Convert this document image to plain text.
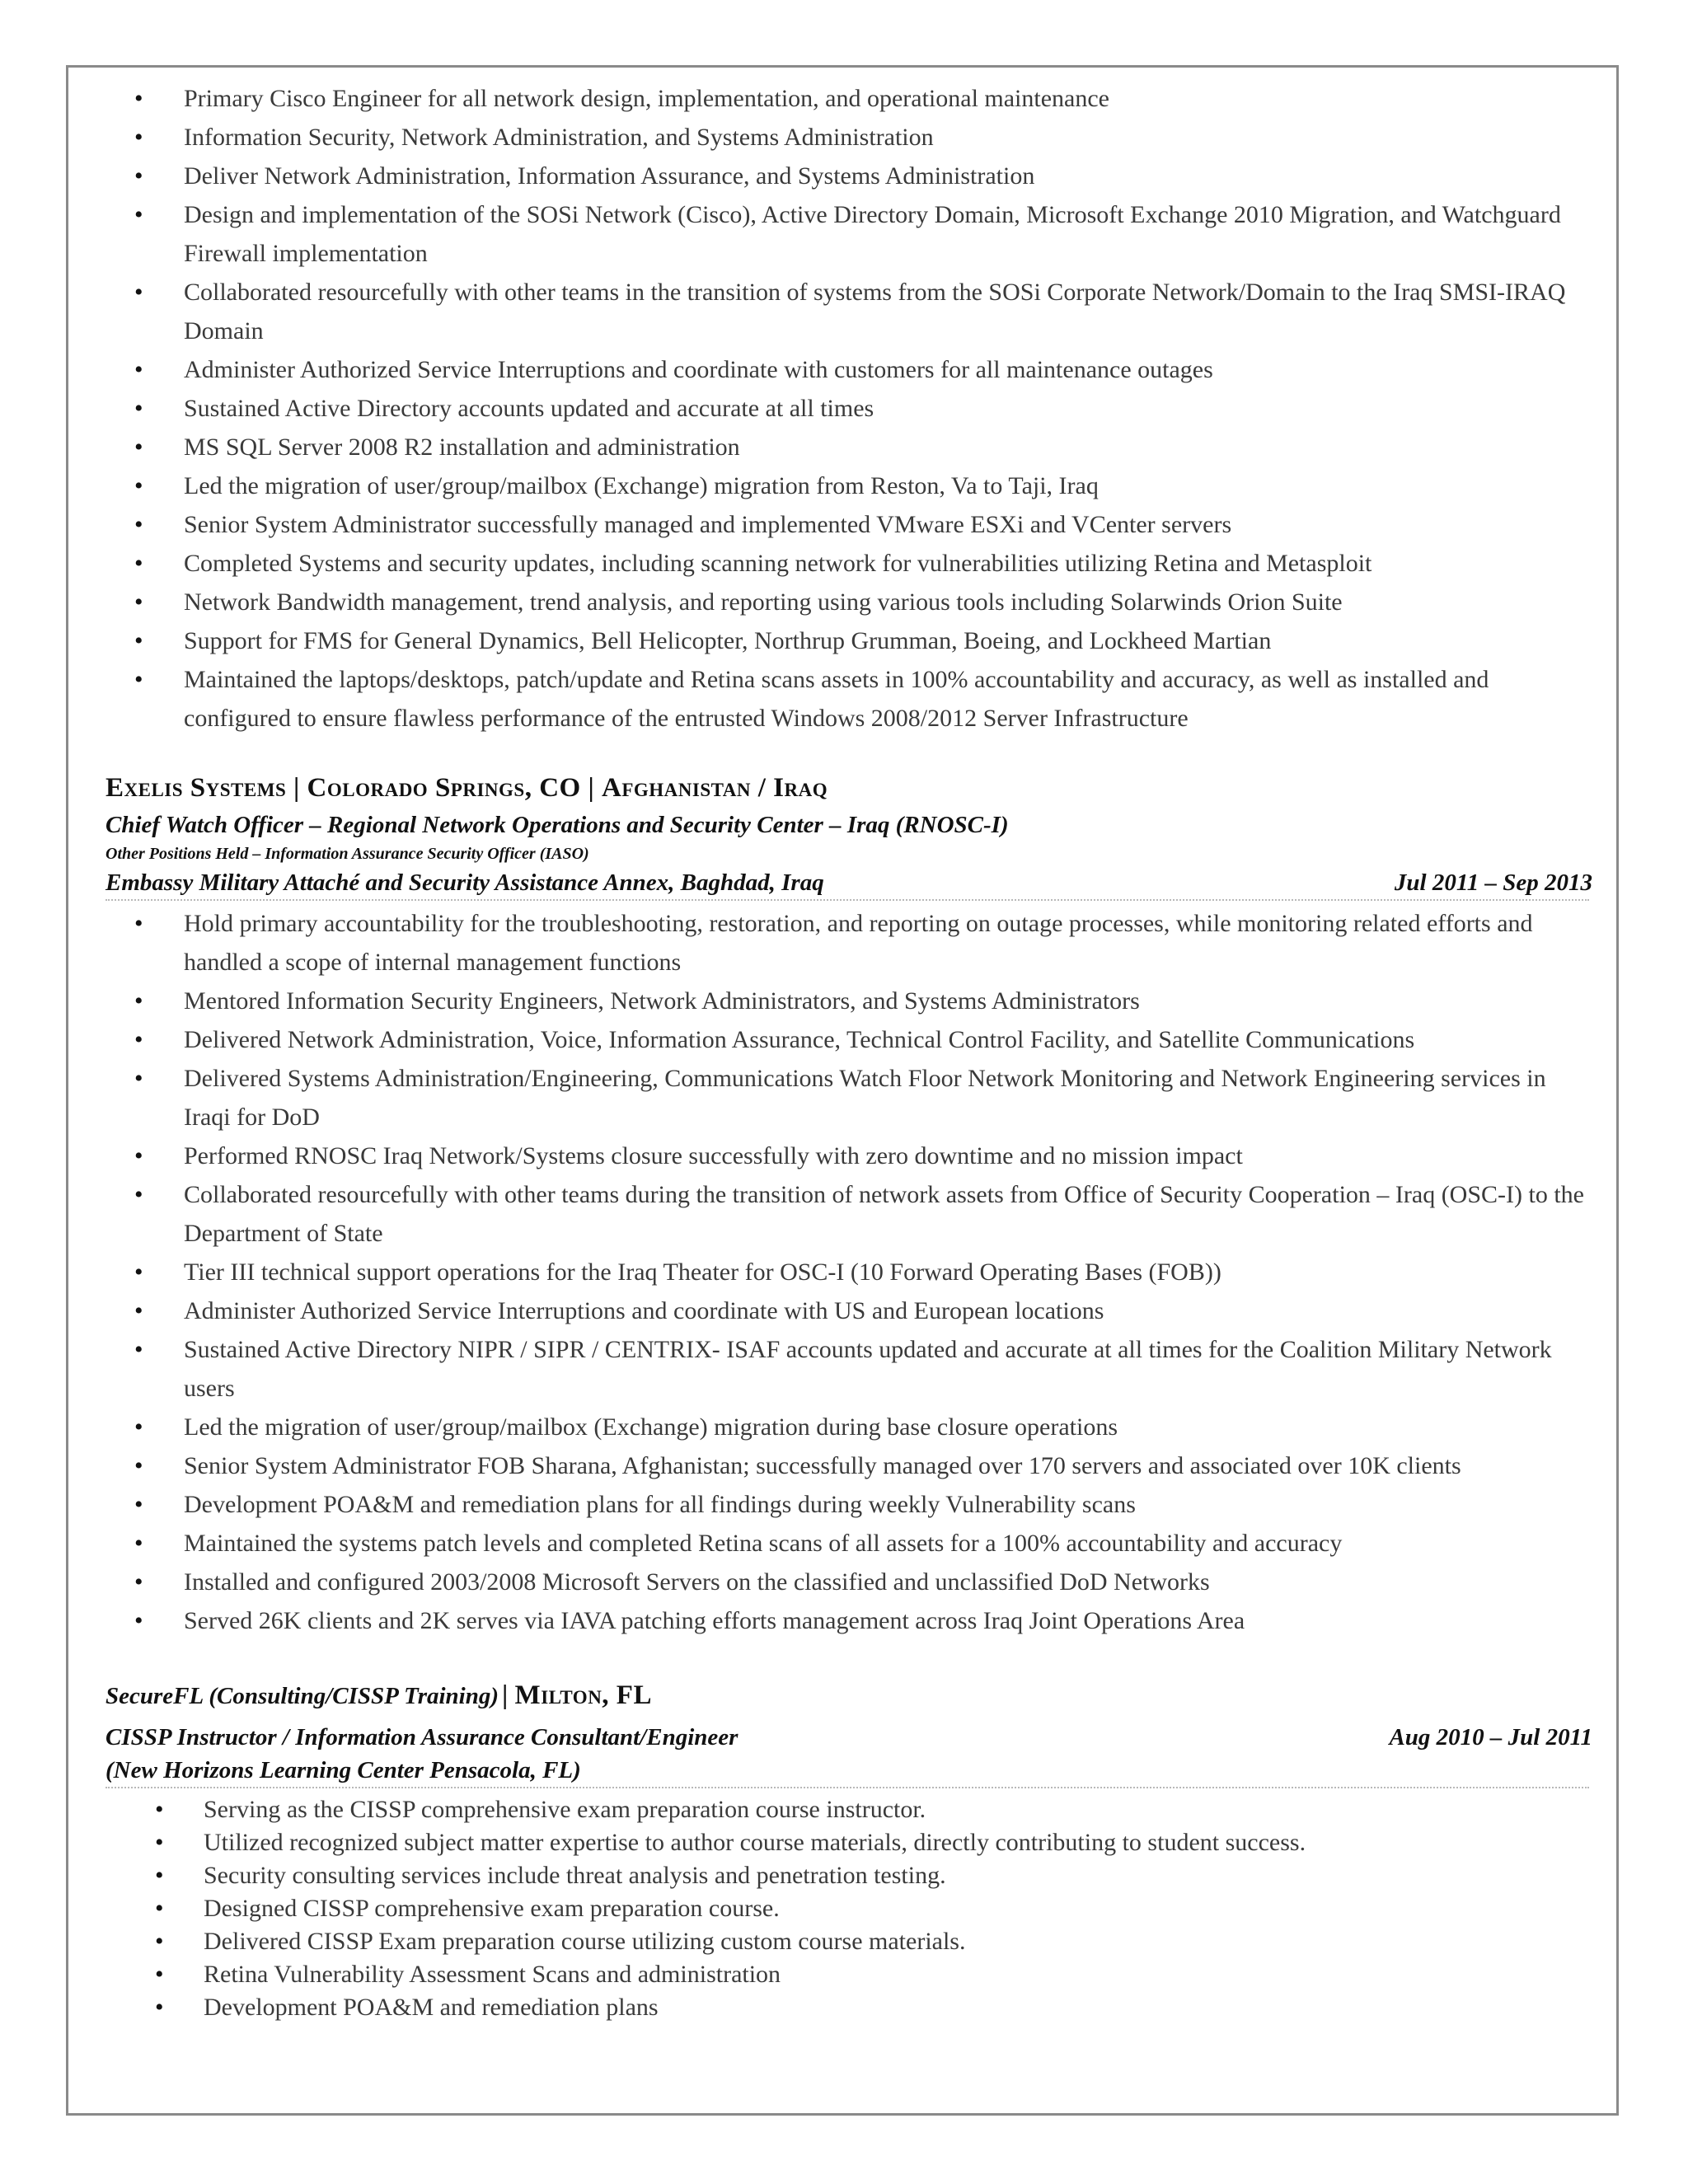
• Primary Cisco Engineer for all network design, implementation, and operational maintenance
• Information Security, Network Administration, and Systems Administration
• Deliver Network Administration, Information Assurance, and Systems Administration
• Design and implementation of the SOSi Network (Cisco), Active Directory Domain, Microsoft Exchange 2010 Migration, and Watchguard Firewall implementation
• Collaborated resourcefully with other teams in the transition of systems from the SOSi Corporate Network/Domain to the Iraq SMSI-IRAQ Domain
• Administer Authorized Service Interruptions and coordinate with customers for all maintenance outages
• Sustained Active Directory accounts updated and accurate at all times
• MS SQL Server 2008 R2 installation and administration
• Led the migration of user/group/mailbox (Exchange) migration from Reston, Va to Taji, Iraq
• Senior System Administrator successfully managed and implemented VMware ESXi and VCenter servers
• Completed Systems and security updates, including scanning network for vulnerabilities utilizing Retina and Metasploit
• Network Bandwidth management, trend analysis, and reporting using various tools including Solarwinds Orion Suite
• Support for FMS for General Dynamics, Bell Helicopter, Northrup Grumman, Boeing, and Lockheed Martian
• Maintained the laptops/desktops, patch/update and Retina scans assets in 100% accountability and accuracy, as well as installed and configured to ensure flawless performance of the entrusted Windows 2008/2012 Server Infrastructure
Exelis Systems | Colorado Springs, CO | Afghanistan / Iraq
Chief Watch Officer – Regional Network Operations and Security Center – Iraq (RNOSC-I)
Other Positions Held – Information Assurance Security Officer (IASO)
Embassy Military Attaché and Security Assistance Annex, Baghdad, Iraq	Jul 2011 – Sep 2013
• Hold primary accountability for the troubleshooting, restoration, and reporting on outage processes, while monitoring related efforts and handled a scope of internal management functions
• Mentored Information Security Engineers, Network Administrators, and Systems Administrators
• Delivered Network Administration, Voice, Information Assurance, Technical Control Facility, and Satellite Communications
• Delivered Systems Administration/Engineering, Communications Watch Floor Network Monitoring and Network Engineering services in Iraqi for DoD
• Performed RNOSC Iraq Network/Systems closure successfully with zero downtime and no mission impact
• Collaborated resourcefully with other teams during the transition of network assets from Office of Security Cooperation – Iraq (OSC-I) to the Department of State
• Tier III technical support operations for the Iraq Theater for OSC-I (10 Forward Operating Bases (FOB))
• Administer Authorized Service Interruptions and coordinate with US and European locations
• Sustained Active Directory NIPR / SIPR / CENTRIX- ISAF accounts updated and accurate at all times for the Coalition Military Network users
• Led the migration of user/group/mailbox (Exchange) migration during base closure operations
• Senior System Administrator FOB Sharana, Afghanistan; successfully managed over 170 servers and associated over 10K clients
• Development POA&M and remediation plans for all findings during weekly Vulnerability scans
• Maintained the systems patch levels and completed Retina scans of all assets for a 100% accountability and accuracy
• Installed and configured 2003/2008 Microsoft Servers on the classified and unclassified DoD Networks
• Served 26K clients and 2K serves via IAVA patching efforts management across Iraq Joint Operations Area
SecureFL (Consulting/CISSP Training) | Milton, FL
CISSP Instructor / Information Assurance Consultant/Engineer	Aug 2010 – Jul 2011
(New Horizons Learning Center Pensacola, FL)
• Serving as the CISSP comprehensive exam preparation course instructor.
• Utilized recognized subject matter expertise to author course materials, directly contributing to student success.
• Security consulting services include threat analysis and penetration testing.
• Designed CISSP comprehensive exam preparation course.
• Delivered CISSP Exam preparation course utilizing custom course materials.
• Retina Vulnerability Assessment Scans and administration
• Development POA&M and remediation plans
